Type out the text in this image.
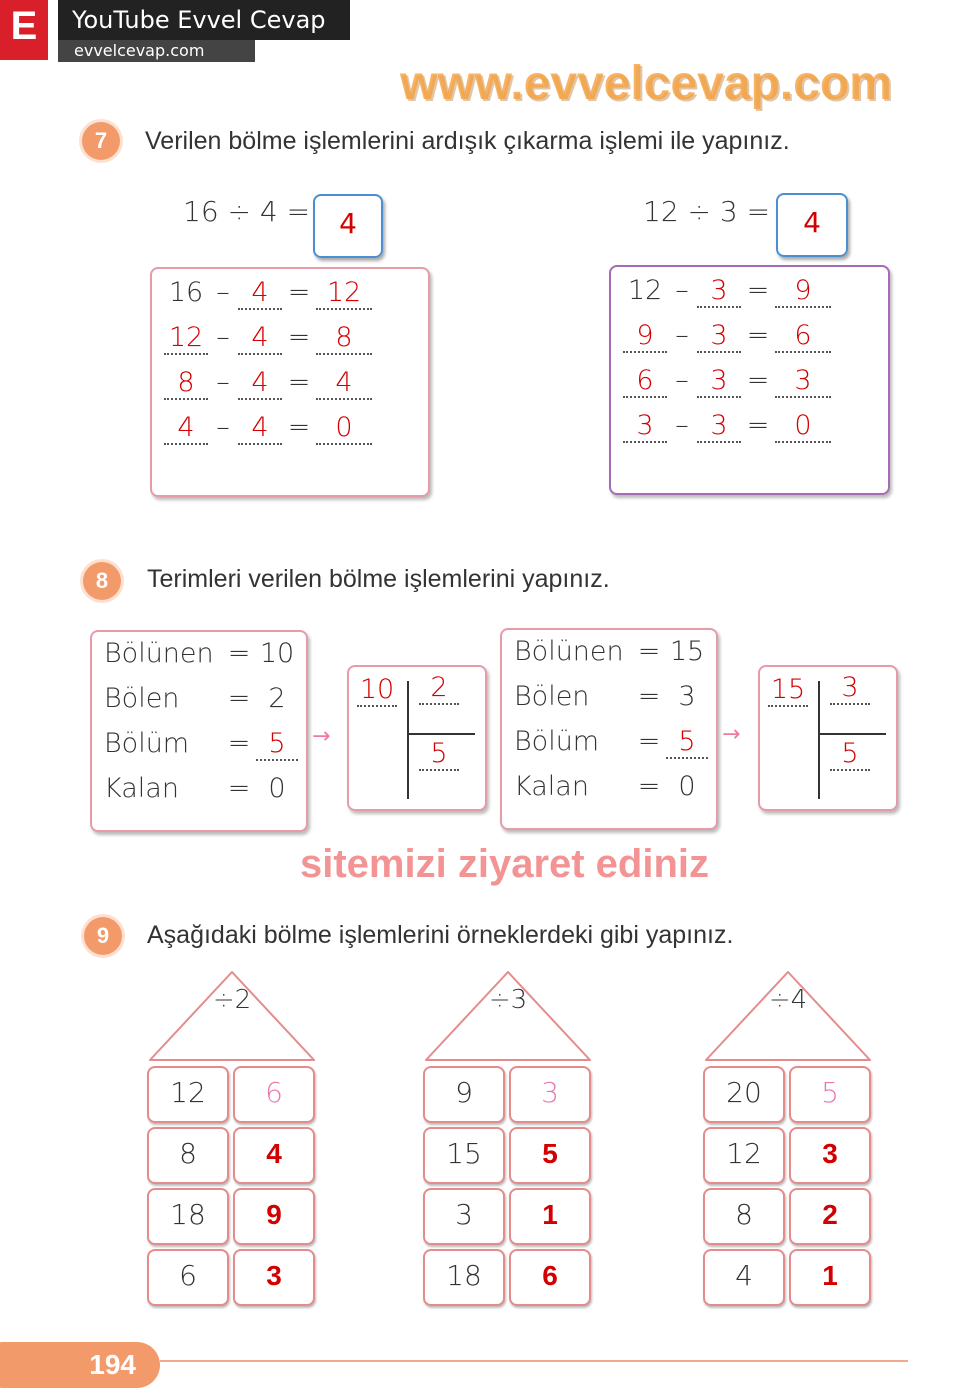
E	YouTube Evvel Cevap
evvelcevap.com
www.evvelcevap.com
7	Verilen bölme işlemlerini ardışık çıkarma işlemi ile yapınız.
16 ÷ 4 =	4
16 – 4 = 12
12 – 4 = 8
8 – 4 = 4
4 – 4 = 0
12 ÷ 3 =	4
12 – 3 = 9
9 – 3 = 6
6 – 3 = 3
3 – 3 = 0
8	Terimleri verilen bölme işlemlerini yapınız.
Bölünen = 10
Bölen = 2
Bölüm = 5
Kalan = 0
→
10	2
5
Bölünen = 15
Bölen = 3
Bölüm = 5
Kalan = 0
→
15	3
5
sitemizi ziyaret ediniz
9	Aşağıdaki bölme işlemlerini örneklerdeki gibi yapınız.
÷2
12	6
8	4
18	9
6	3
÷3
9	3
15	5
3	1
18	6
÷4
20	5
12	3
8	2
4	1
194
